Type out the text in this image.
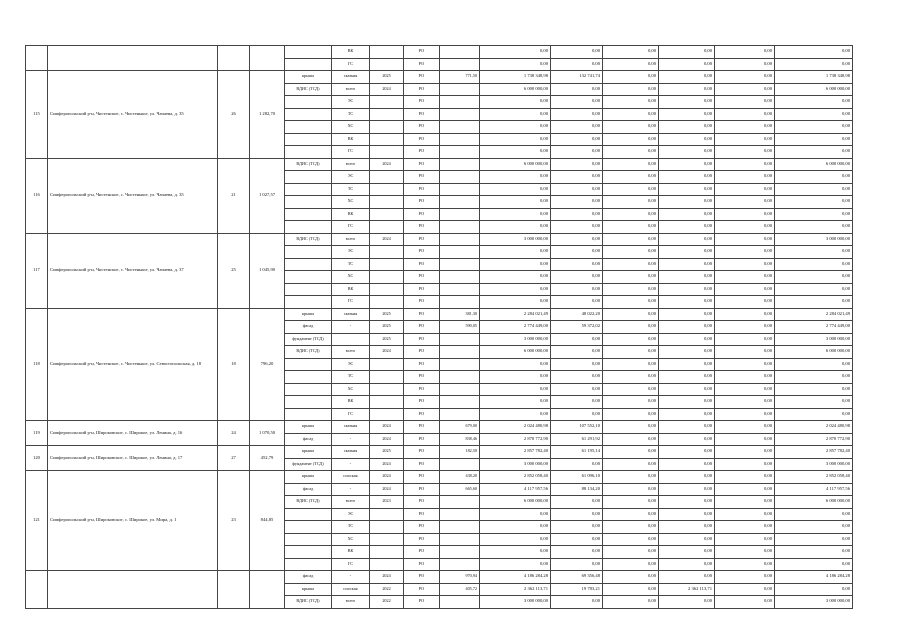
					ВК		РО		0,00	0,00	0,00	0,00	0,00	0,00
					ГС		РО		0,00	0,00	0,00	0,00	0,00	0,00
115	Симферопольский р-н, Чистенское, с. Чистенькое, ул. Чапаева, д. 35	26	1 282,70	крыша	скатная	2025	РО	771,50	1 738 348,98	132 741,74	0,00	0,00	0,00	1 738 348,98
				ВДИС (ТСД)	всего	2024	РО		6 000 000,00	0,00	0,00	0,00	0,00	6 000 000,00
					ЭС		РО		0,00	0,00	0,00	0,00	0,00	0,00
					ТС		РО		0,00	0,00	0,00	0,00	0,00	0,00
					ХС		РО		0,00	0,00	0,00	0,00	0,00	0,00
					ВК		РО		0,00	0,00	0,00	0,00	0,00	0,00
					ГС		РО		0,00	0,00	0,00	0,00	0,00	0,00
116	Симферопольский р-н, Чистенское, с. Чистенькое, ул. Чапаева, д. 35	21	1 027,57	ВДИС (ТСД)	всего	2024	РО		6 000 000,00	0,00	0,00	0,00	0,00	6 000 000,00
					ЭС		РО		0,00	0,00	0,00	0,00	0,00	0,00
					ТС		РО		0,00	0,00	0,00	0,00	0,00	0,00
					ХС		РО		0,00	0,00	0,00	0,00	0,00	0,00
					ВК		РО		0,00	0,00	0,00	0,00	0,00	0,00
					ГС		РО		0,00	0,00	0,00	0,00	0,00	0,00
117	Симферопольский р-н, Чистенское, с. Чистенькое, ул. Чапаева, д. 37	25	1 045,90	ВДИС (ТСД)	всего	2024	РО		3 000 000,00	0,00	0,00	0,00	0,00	3 000 000,00
					ЭС		РО		0,00	0,00	0,00	0,00	0,00	0,00
					ТС		РО		0,00	0,00	0,00	0,00	0,00	0,00
					ХС		РО		0,00	0,00	0,00	0,00	0,00	0,00
					ВК		РО		0,00	0,00	0,00	0,00	0,00	0,00
					ГС		РО		0,00	0,00	0,00	0,00	0,00	0,00
118	Симферопольский р-н, Чистенское, с. Чистенькое, ул. Севастопольская, д. 18	18	796,20	крыша	скатная	2025	РО	381,30	2 284 021,49	48 022,20	0,00	0,00	0,00	2 284 021,49
				фасад	-	2025	РО	590,05	2 774 449,00	59 372,02	0,00	0,00	0,00	2 774 449,00
				фундамент (ТСД)		2025	РО		3 000 000,00	0,00	0,00	0,00	0,00	3 000 000,00
				ВДИС (ТСД)	всего	2024	РО		6 000 000,00	0,00	0,00	0,00	0,00	6 000 000,00
					ЭС		РО		0,00	0,00	0,00	0,00	0,00	0,00
					ТС		РО		0,00	0,00	0,00	0,00	0,00	0,00
					ХС		РО		0,00	0,00	0,00	0,00	0,00	0,00
					ВК		РО		0,00	0,00	0,00	0,00	0,00	0,00
					ГС		РО		0,00	0,00	0,00	0,00	0,00	0,00
119	Симферопольский р-н, Широковское, с. Широкое, ул. Ленина, д. 16	24	1 070,50	крыша	скатная	2024	РО	679,00	2 024 480,98	107 552,10	0,00	0,00	0,00	2 024 480,98
				фасад	-	2024	РО	838,46	2 870 772,90	61 291,92	0,00	0,00	0,00	2 870 772,90
120	Симферопольский р-н, Широковское, с. Широкое, ул. Ленина, д. 17	27	452,79	крыша	скатная	2025	РО	182,50	2 857 782,40	61 195,14	0,00	0,00	0,00	2 857 782,40
				фундамент (ТСД)	-	2024	РО		3 000 000,00	0,00	0,00	0,00	0,00	3 000 000,00
121	Симферопольский р-н, Широковское, с. Широкое, ул. Мира, д. 1	23	844,85	крыша	плоская	2024	РО	438,20	2 852 058,40	61 096,10	0,00	0,00	0,00	2 852 058,40
				фасад	-	2024	РО	665,60	4 117 957,56	88 134,20	0,00	0,00	0,00	4 117 957,56
				ВДИС (ТСД)	всего	2023	РО		6 000 000,00	0,00	0,00	0,00	0,00	6 000 000,00
					ЭС		РО		0,00	0,00	0,00	0,00	0,00	0,00
					ТС		РО		0,00	0,00	0,00	0,00	0,00	0,00
					ХС		РО		0,00	0,00	0,00	0,00	0,00	0,00
					ВК		РО		0,00	0,00	0,00	0,00	0,00	0,00
					ГС		РО		0,00	0,00	0,00	0,00	0,00	0,00
				фасад	-	2024	РО	970,94	4 186 284,28	69 356,48	0,00	0,00	0,00	4 186 284,28
				крыша	плоская	2022	РО	405,72	2 362 113,71	19 783,21	0,00	2 362 113,71	0,00	0,00
				ВДИС (ТСД)	всего	2022	РО		3 000 000,00	0,00	0,00	0,00	0,00	3 000 000,00
